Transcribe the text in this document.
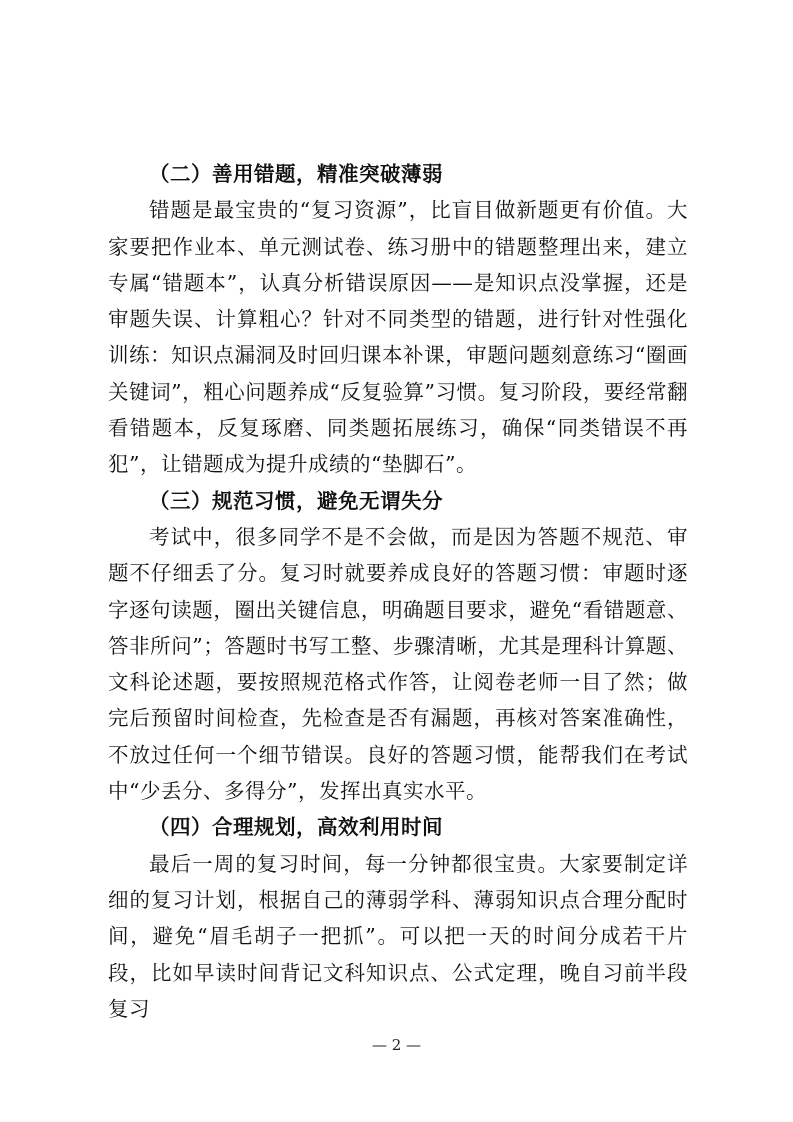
（二）善用错题，精准突破薄弱

错题是最宝贵的“复习资源”，比盲目做新题更有价值。大家要把作业本、单元测试卷、练习册中的错题整理出来，建立专属“错题本”，认真分析错误原因——是知识点没掌握，还是审题失误、计算粗心？针对不同类型的错题，进行针对性强化训练：知识点漏洞及时回归课本补课，审题问题刻意练习“圈画关键词”，粗心问题养成“反复验算”习惯。复习阶段，要经常翻看错题本，反复琢磨、同类题拓展练习，确保“同类错误不再犯”，让错题成为提升成绩的“垫脚石”。

（三）规范习惯，避免无谓失分

考试中，很多同学不是不会做，而是因为答题不规范、审题不仔细丢了分。复习时就要养成良好的答题习惯：审题时逐字逐句读题，圈出关键信息，明确题目要求，避免“看错题意、答非所问”；答题时书写工整、步骤清晰，尤其是理科计算题、文科论述题，要按照规范格式作答，让阅卷老师一目了然；做完后预留时间检查，先检查是否有漏题，再核对答案准确性，不放过任何一个细节错误。良好的答题习惯，能帮我们在考试中“少丢分、多得分”，发挥出真实水平。

（四）合理规划，高效利用时间

最后一周的复习时间，每一分钟都很宝贵。大家要制定详细的复习计划，根据自己的薄弱学科、薄弱知识点合理分配时间，避免“眉毛胡子一把抓”。可以把一天的时间分成若干片段，比如早读时间背记文科知识点、公式定理，晚自习前半段复习

— 2 —
